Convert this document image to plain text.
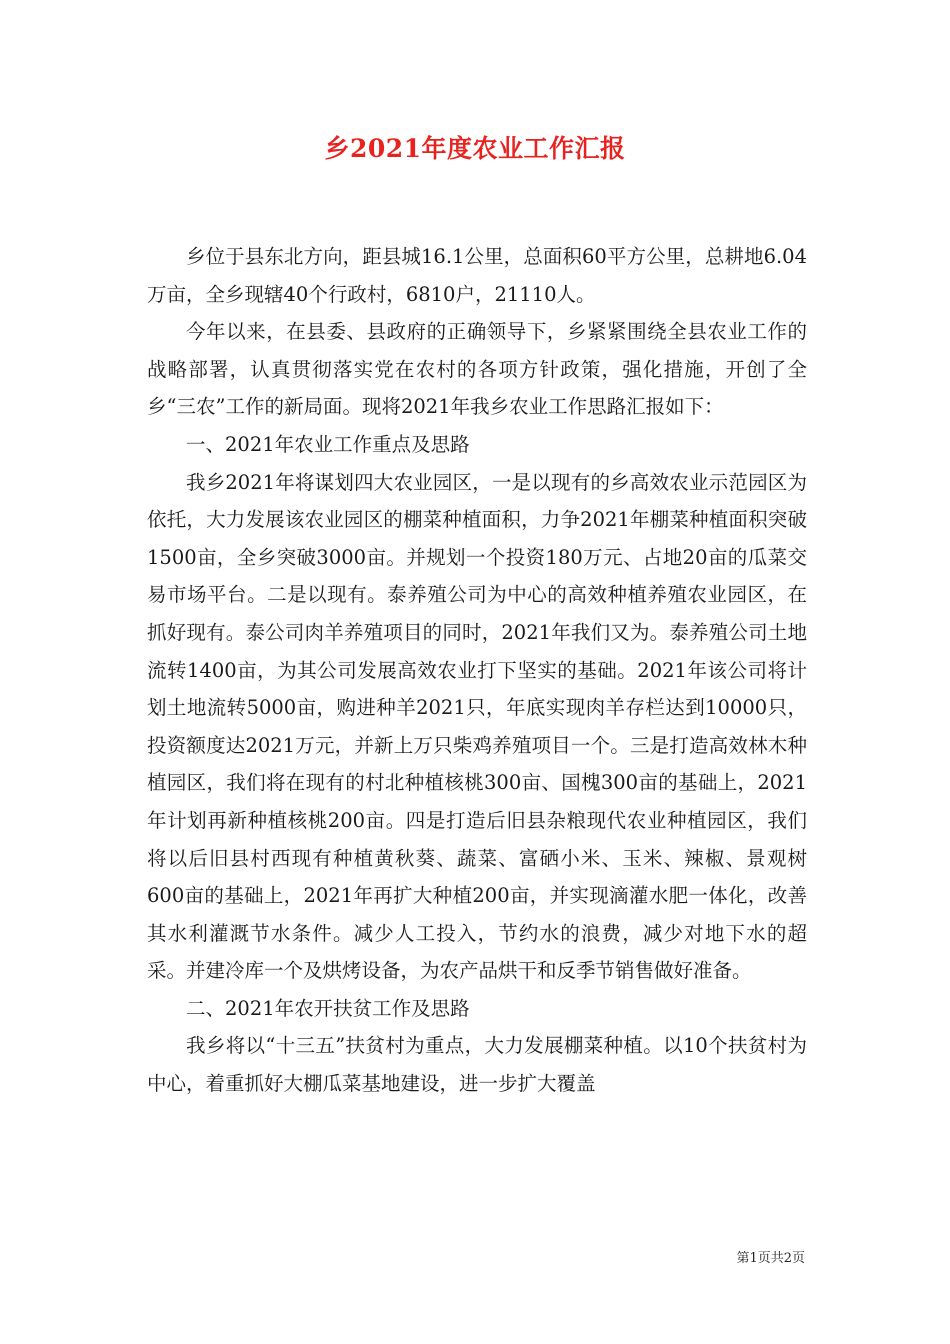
乡2021年度农业工作汇报

乡位于县东北方向，距县城16.1公里，总面积60平方公里，总耕地6.04万亩，全乡现辖40个行政村，6810户，21110人。

今年以来，在县委、县政府的正确领导下，乡紧紧围绕全县农业工作的战略部署，认真贯彻落实党在农村的各项方针政策，强化措施，开创了全乡“三农”工作的新局面。现将2021年我乡农业工作思路汇报如下：

一、2021年农业工作重点及思路

我乡2021年将谋划四大农业园区，一是以现有的乡高效农业示范园区为依托，大力发展该农业园区的棚菜种植面积，力争2021年棚菜种植面积突破1500亩，全乡突破3000亩。并规划一个投资180万元、占地20亩的瓜菜交易市场平台。二是以现有。泰养殖公司为中心的高效种植养殖农业园区，在抓好现有。泰公司肉羊养殖项目的同时，2021年我们又为。泰养殖公司土地流转1400亩，为其公司发展高效农业打下坚实的基础。2021年该公司将计划土地流转5000亩，购进种羊2021只，年底实现肉羊存栏达到10000只，投资额度达2021万元，并新上万只柴鸡养殖项目一个。三是打造高效林木种植园区，我们将在现有的村北种植核桃300亩、国槐300亩的基础上，2021年计划再新种植核桃200亩。四是打造后旧县杂粮现代农业种植园区，我们将以后旧县村西现有种植黄秋葵、蔬菜、富硒小米、玉米、辣椒、景观树600亩的基础上，2021年再扩大种植200亩，并实现滴灌水肥一体化，改善其水利灌溉节水条件。减少人工投入，节约水的浪费，减少对地下水的超采。并建冷库一个及烘烤设备，为农产品烘干和反季节销售做好准备。

二、2021年农开扶贫工作及思路

我乡将以“十三五”扶贫村为重点，大力发展棚菜种植。以10个扶贫村为中心，着重抓好大棚瓜菜基地建设，进一步扩大覆盖

第1页共2页
